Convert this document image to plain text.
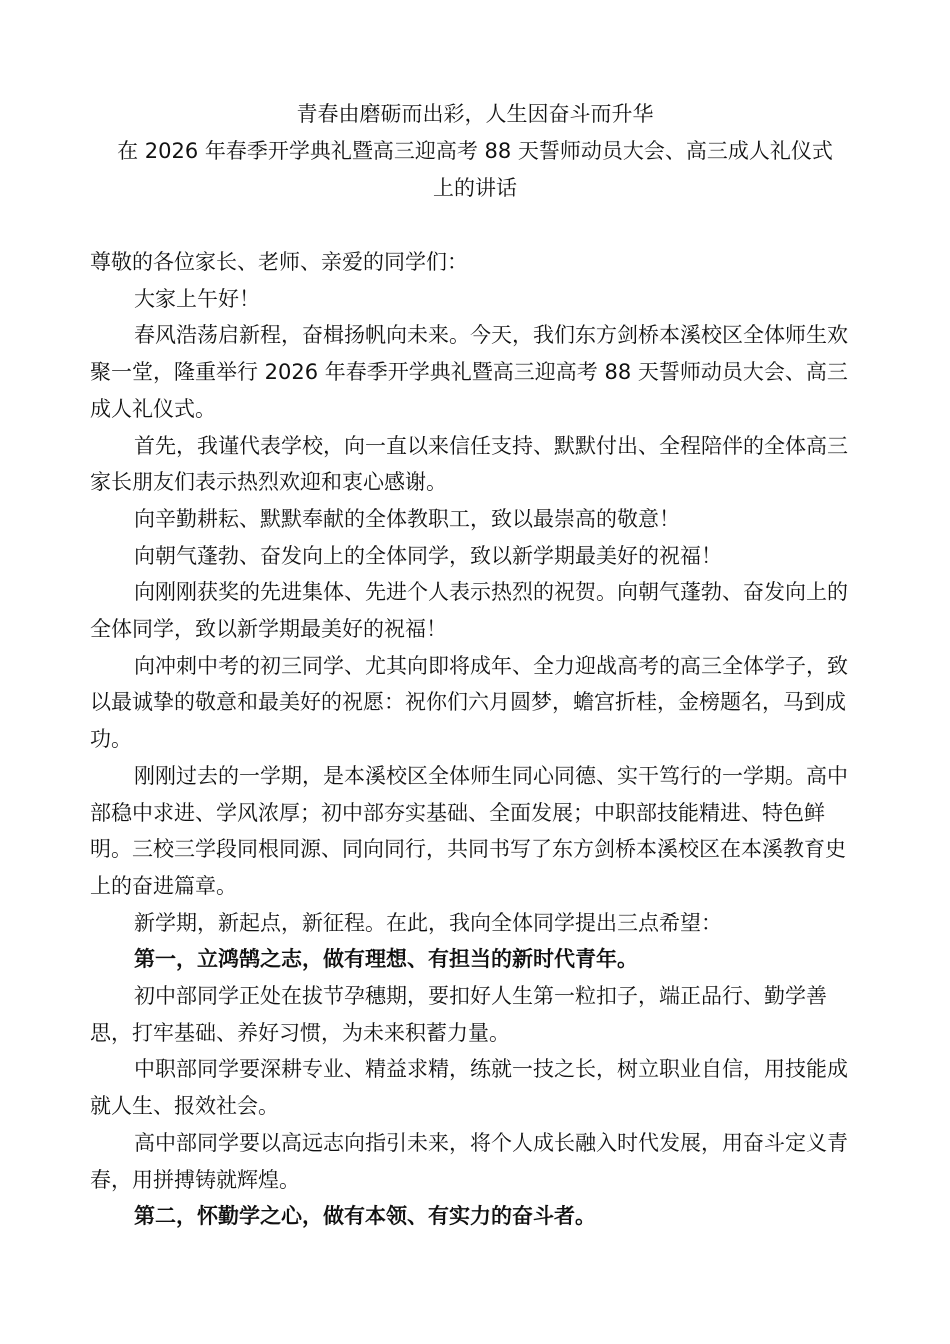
青春由磨砺而出彩，人生因奋斗而升华
在 2026 年春季开学典礼暨高三迎高考 88 天誓师动员大会、高三成人礼仪式
上的讲话

尊敬的各位家长、老师、亲爱的同学们：

大家上午好！

春风浩荡启新程，奋楫扬帆向未来。今天，我们东方剑桥本溪校区全体师生欢聚一堂，隆重举行 2026 年春季开学典礼暨高三迎高考 88 天誓师动员大会、高三成人礼仪式。

首先，我谨代表学校，向一直以来信任支持、默默付出、全程陪伴的全体高三家长朋友们表示热烈欢迎和衷心感谢。

向辛勤耕耘、默默奉献的全体教职工，致以最崇高的敬意！

向朝气蓬勃、奋发向上的全体同学，致以新学期最美好的祝福！

向刚刚获奖的先进集体、先进个人表示热烈的祝贺。向朝气蓬勃、奋发向上的全体同学，致以新学期最美好的祝福！

向冲刺中考的初三同学、尤其向即将成年、全力迎战高考的高三全体学子，致以最诚挚的敬意和最美好的祝愿：祝你们六月圆梦，蟾宫折桂，金榜题名，马到成功。

刚刚过去的一学期，是本溪校区全体师生同心同德、实干笃行的一学期。高中部稳中求进、学风浓厚；初中部夯实基础、全面发展；中职部技能精进、特色鲜明。三校三学段同根同源、同向同行，共同书写了东方剑桥本溪校区在本溪教育史上的奋进篇章。

新学期，新起点，新征程。在此，我向全体同学提出三点希望：

第一，立鸿鹄之志，做有理想、有担当的新时代青年。

初中部同学正处在拔节孕穗期，要扣好人生第一粒扣子，端正品行、勤学善思，打牢基础、养好习惯，为未来积蓄力量。

中职部同学要深耕专业、精益求精，练就一技之长，树立职业自信，用技能成就人生、报效社会。

高中部同学要以高远志向指引未来，将个人成长融入时代发展，用奋斗定义青春，用拼搏铸就辉煌。

第二，怀勤学之心，做有本领、有实力的奋斗者。
